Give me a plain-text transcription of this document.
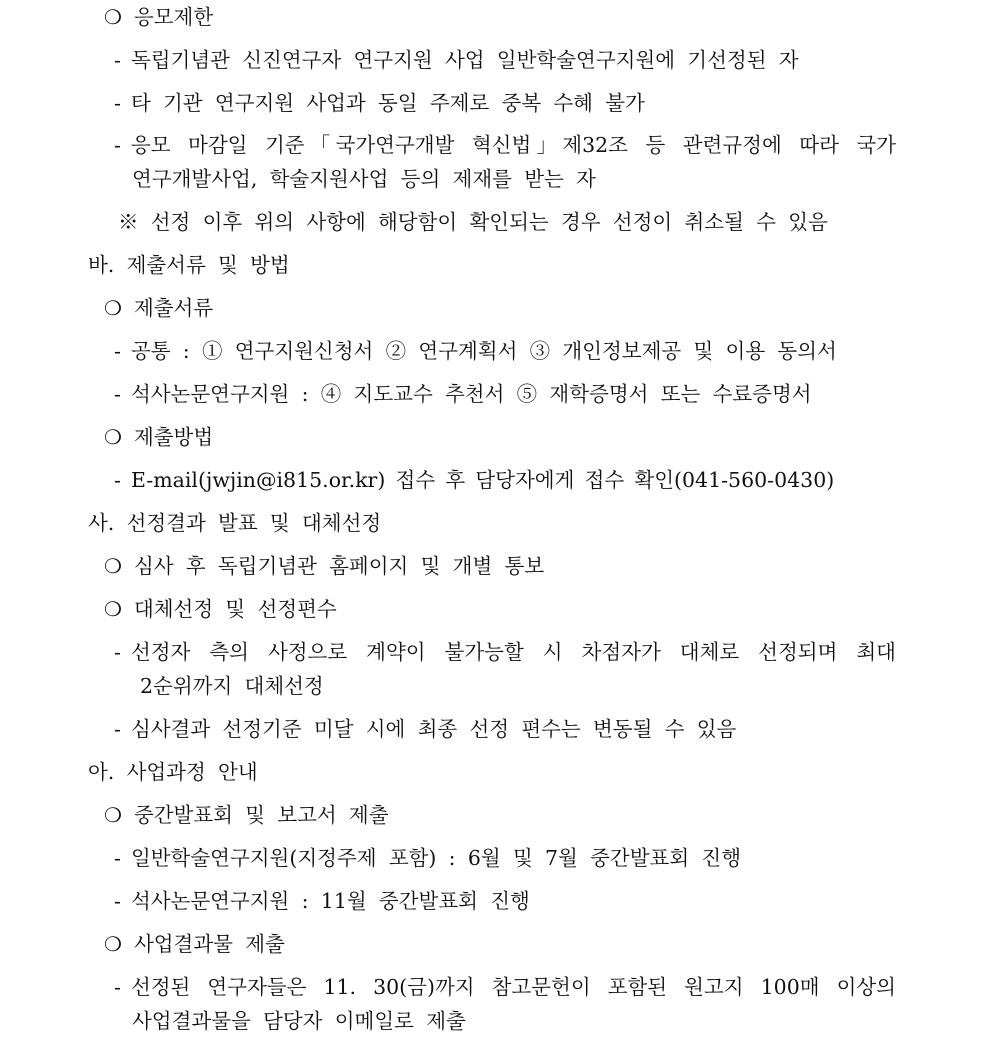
❍ 응모제한
- 독립기념관 신진연구자 연구지원 사업 일반학술연구지원에 기선정된 자
- 타 기관 연구지원 사업과 동일 주제로 중복 수혜 불가
- 응모 마감일 기준「국가연구개발 혁신법」제32조 등 관련규정에 따라 국가
연구개발사업, 학술지원사업 등의 제재를 받는 자
※ 선정 이후 위의 사항에 해당함이 확인되는 경우 선정이 취소될 수 있음
바. 제출서류 및 방법
❍ 제출서류
- 공통 : ① 연구지원신청서 ② 연구계획서 ③ 개인정보제공 및 이용 동의서
- 석사논문연구지원 : ④ 지도교수 추천서 ⑤ 재학증명서 또는 수료증명서
❍ 제출방법
- E-mail(jwjin@i815.or.kr) 접수 후 담당자에게 접수 확인(041-560-0430)
사. 선정결과 발표 및 대체선정
❍ 심사 후 독립기념관 홈페이지 및 개별 통보
❍ 대체선정 및 선정편수
- 선정자 측의 사정으로 계약이 불가능할 시 차점자가 대체로 선정되며 최대
2순위까지 대체선정
- 심사결과 선정기준 미달 시에 최종 선정 편수는 변동될 수 있음
아. 사업과정 안내
❍ 중간발표회 및 보고서 제출
- 일반학술연구지원(지정주제 포함) : 6월 및 7월 중간발표회 진행
- 석사논문연구지원 : 11월 중간발표회 진행
❍ 사업결과물 제출
- 선정된 연구자들은 11. 30(금)까지 참고문헌이 포함된 원고지 100매 이상의
사업결과물을 담당자 이메일로 제출
